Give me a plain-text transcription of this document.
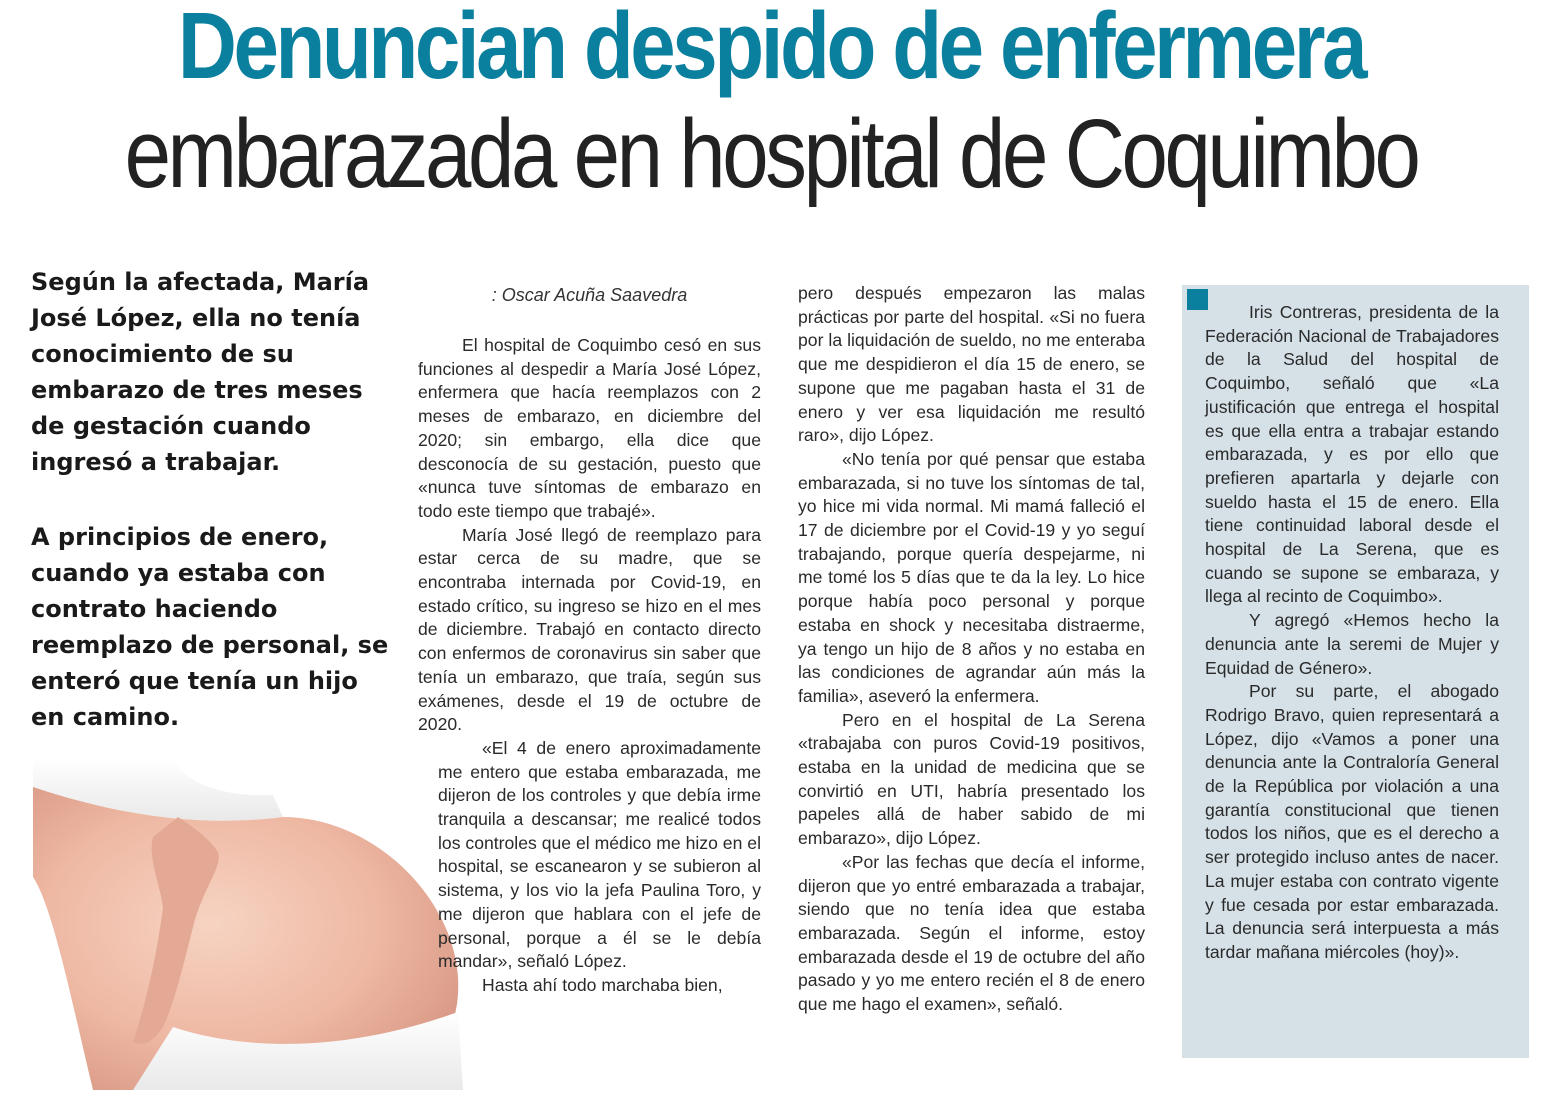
Denuncian despido de enfermera
embarazada en hospital de Coquimbo

Según la afectada, María José López, ella no tenía conocimiento de su embarazo de tres meses de gestación cuando ingresó a trabajar.

A principios de enero, cuando ya estaba con contrato haciendo reemplazo de personal, se enteró que tenía un hijo en camino.

: Oscar Acuña Saavedra

El hospital de Coquimbo cesó en sus funciones al despedir a María José López, enfermera que hacía reemplazos con 2 meses de embarazo, en diciembre del 2020; sin embargo, ella dice que desconocía de su gestación, puesto que «nunca tuve síntomas de embarazo en todo este tiempo que trabajé».

María José llegó de reemplazo para estar cerca de su madre, que se encontraba internada por Covid-19, en estado crítico, su ingreso se hizo en el mes de diciembre. Trabajó en contacto directo con enfermos de coronavirus sin saber que tenía un embarazo, que traía, según sus exámenes, desde el 19 de octubre de 2020.

«El 4 de enero aproximadamente me entero que estaba embarazada, me dijeron de los controles y que debía irme tranquila a descansar; me realicé todos los controles que el médico me hizo en el hospital, se escanearon y se subieron al sistema, y los vio la jefa Paulina Toro, y me dijeron que hablara con el jefe de personal, porque a él se le debía mandar», señaló López.

Hasta ahí todo marchaba bien,

pero después empezaron las malas prácticas por parte del hospital. «Si no fuera por la liquidación de sueldo, no me enteraba que me despidieron el día 15 de enero, se supone que me pagaban hasta el 31 de enero y ver esa liquidación me resultó raro», dijo López.

«No tenía por qué pensar que estaba embarazada, si no tuve los síntomas de tal, yo hice mi vida normal. Mi mamá falleció el 17 de diciembre por el Covid-19 y yo seguí trabajando, porque quería despejarme, ni me tomé los 5 días que te da la ley. Lo hice porque había poco personal y porque estaba en shock y necesitaba distraerme, ya tengo un hijo de 8 años y no estaba en las condiciones de agrandar aún más la familia», aseveró la enfermera.

Pero en el hospital de La Serena «trabajaba con puros Covid-19 positivos, estaba en la unidad de medicina que se convirtió en UTI, habría presentado los papeles allá de haber sabido de mi embarazo», dijo López.

«Por las fechas que decía el informe, dijeron que yo entré embarazada a trabajar, siendo que no tenía idea que estaba embarazada. Según el informe, estoy embarazada desde el 19 de octubre del año pasado y yo me entero recién el 8 de enero que me hago el examen», señaló.

Iris Contreras, presidenta de la Federación Nacional de Trabajadores de la Salud del hospital de Coquimbo, señaló que «La justificación que entrega el hospital es que ella entra a trabajar estando embarazada, y es por ello que prefieren apartarla y dejarle con sueldo hasta el 15 de enero. Ella tiene continuidad laboral desde el hospital de La Serena, que es cuando se supone se embaraza, y llega al recinto de Coquimbo».

Y agregó «Hemos hecho la denuncia ante la seremi de Mujer y Equidad de Género».

Por su parte, el abogado Rodrigo Bravo, quien representará a López, dijo «Vamos a poner una denuncia ante la Contraloría General de la República por violación a una garantía constitucional que tienen todos los niños, que es el derecho a ser protegido incluso antes de nacer. La mujer estaba con contrato vigente y fue cesada por estar embarazada. La denuncia será interpuesta a más tardar mañana miércoles (hoy)».
